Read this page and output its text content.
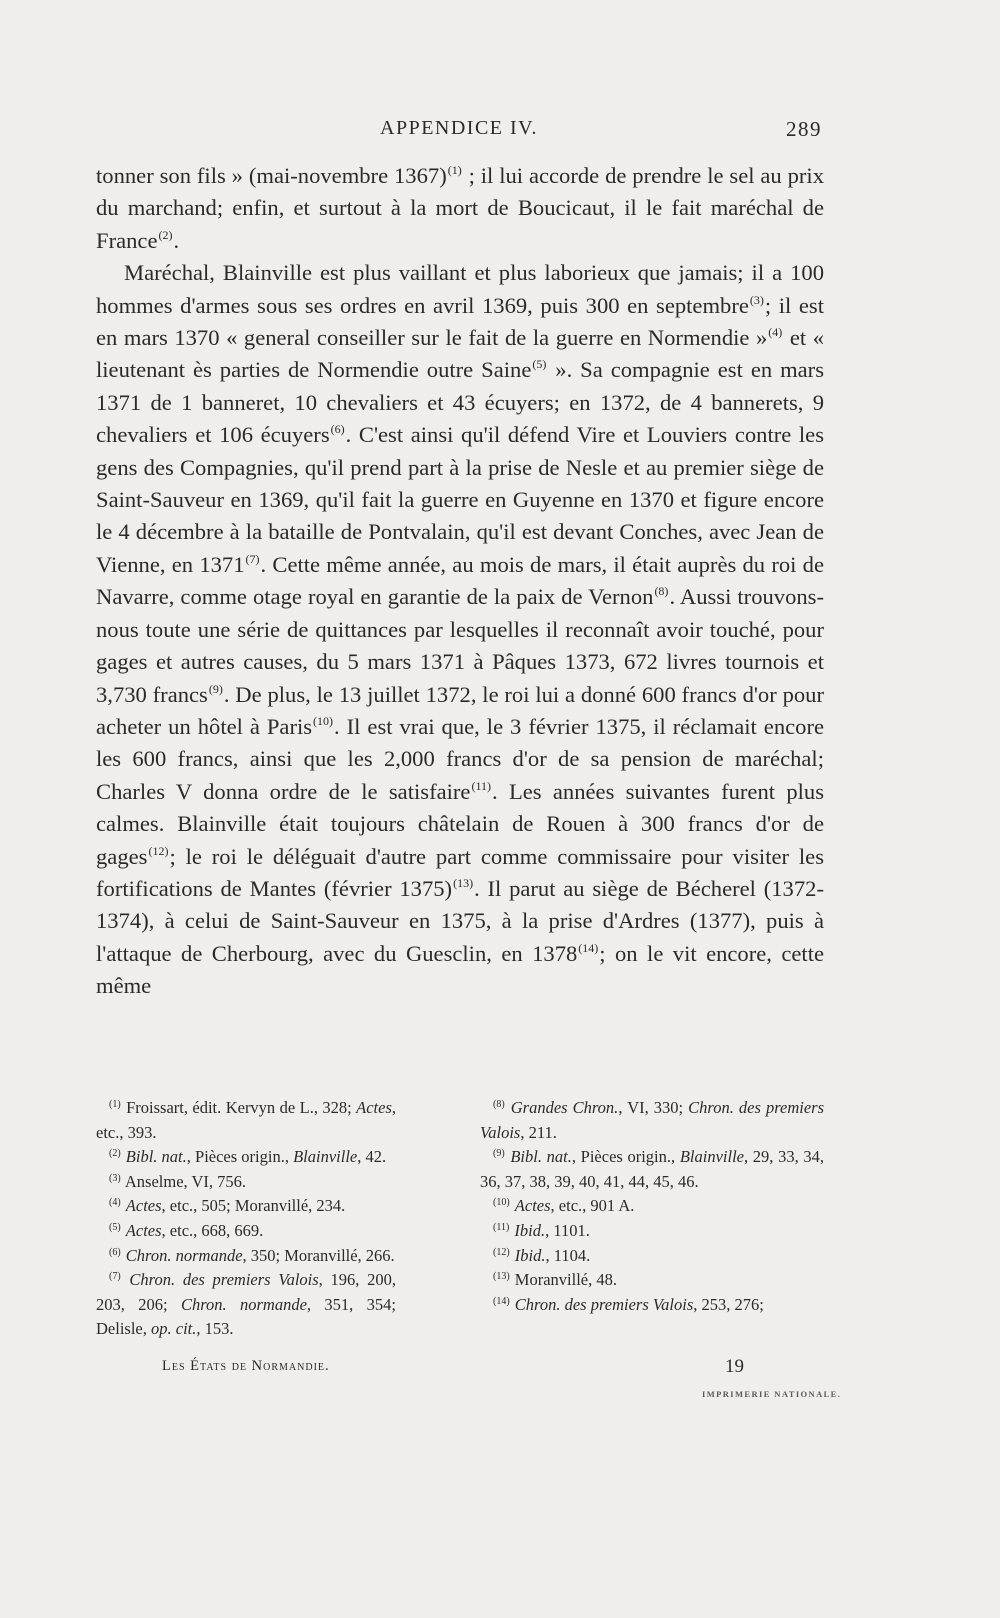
APPENDICE IV.	289

tonner son fils » (mai-novembre 1367)$^{(1)}$ ; il lui accorde de prendre le sel au prix du marchand; enfin, et surtout à la mort de Boucicaut, il le fait maréchal de France$^{(2)}$.

Maréchal, Blainville est plus vaillant et plus laborieux que jamais; il a 100 hommes d'armes sous ses ordres en avril 1369, puis 300 en septembre$^{(3)}$; il est en mars 1370 « general conseiller sur le fait de la guerre en Normendie »$^{(4)}$ et « lieutenant ès parties de Normendie outre Saine$^{(5)}$ ». Sa compagnie est en mars 1371 de 1 banneret, 10 chevaliers et 43 écuyers; en 1372, de 4 bannerets, 9 chevaliers et 106 écuyers$^{(6)}$. C'est ainsi qu'il défend Vire et Louviers contre les gens des Compagnies, qu'il prend part à la prise de Nesle et au premier siège de Saint-Sauveur en 1369, qu'il fait la guerre en Guyenne en 1370 et figure encore le 4 décembre à la bataille de Pontvalain, qu'il est devant Conches, avec Jean de Vienne, en 1371$^{(7)}$. Cette même année, au mois de mars, il était auprès du roi de Navarre, comme otage royal en garantie de la paix de Vernon$^{(8)}$. Aussi trouvons-nous toute une série de quittances par lesquelles il reconnaît avoir touché, pour gages et autres causes, du 5 mars 1371 à Pâques 1373, 672 livres tournois et 3,730 francs$^{(9)}$. De plus, le 13 juillet 1372, le roi lui a donné 600 francs d'or pour acheter un hôtel à Paris$^{(10)}$. Il est vrai que, le 3 février 1375, il réclamait encore les 600 francs, ainsi que les 2,000 francs d'or de sa pension de maréchal; Charles V donna ordre de le satisfaire$^{(11)}$. Les années suivantes furent plus calmes. Blainville était toujours châtelain de Rouen à 300 francs d'or de gages$^{(12)}$; le roi le déléguait d'autre part comme commissaire pour visiter les fortifications de Mantes (février 1375)$^{(13)}$. Il parut au siège de Bécherel (1372-1374), à celui de Saint-Sauveur en 1375, à la prise d'Ardres (1377), puis à l'attaque de Cherbourg, avec du Guesclin, en 1378$^{(14)}$; on le vit encore, cette même

$^{(1)}$ Froissart, édit. Kervyn de L., 328; Actes, etc., 393.

$^{(2)}$ Bibl. nat., Pièces origin., Blainville, 42.

$^{(3)}$ Anselme, VI, 756.

$^{(4)}$ Actes, etc., 505; Moranvillé, 234.

$^{(5)}$ Actes, etc., 668, 669.

$^{(6)}$ Chron. normande, 350; Moranvillé, 266.

$^{(7)}$ Chron. des premiers Valois, 196, 200, 203, 206; Chron. normande, 351, 354; Delisle, op. cit., 153.

$^{(8)}$ Grandes Chron., VI, 330; Chron. des premiers Valois, 211.

$^{(9)}$ Bibl. nat., Pièces origin., Blainville, 29, 33, 34, 36, 37, 38, 39, 40, 41, 44, 45, 46.

$^{(10)}$ Actes, etc., 901 A.

$^{(11)}$ Ibid., 1101.

$^{(12)}$ Ibid., 1104.

$^{(13)}$ Moranvillé, 48.

$^{(14)}$ Chron. des premiers Valois, 253, 276;

Les États de Normandie.	19
IMPRIMERIE NATIONALE.
